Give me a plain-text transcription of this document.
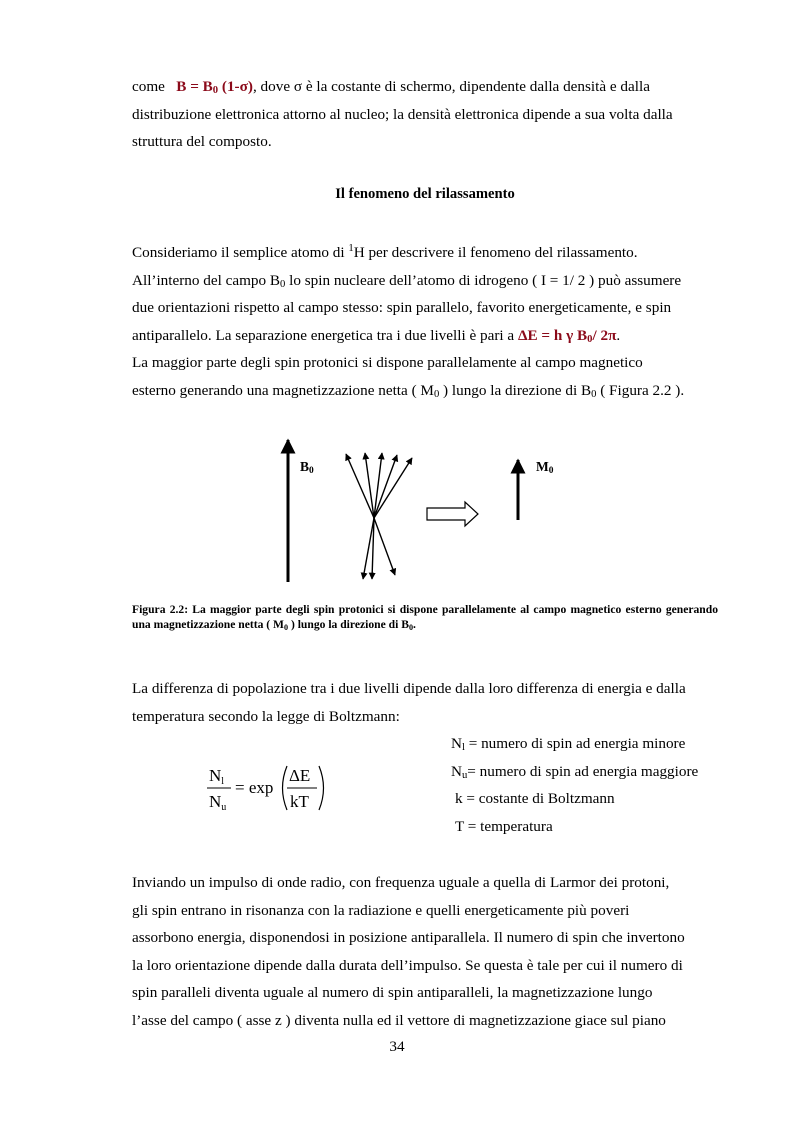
come $B = B_0$ (1-σ), dove σ è la costante di schermo, dipendente dalla densità e dalla
distribuzione elettronica attorno al nucleo; la densità elettronica dipende a sua volta dalla
struttura del composto.
Il fenomeno del rilassamento
Consideriamo il semplice atomo di $^1$H per descrivere il fenomeno del rilassamento.
All’interno del campo $B_0$ lo spin nucleare dell’atomo di idrogeno ( I = 1/ 2 ) può assumere
due orientazioni rispetto al campo stesso: spin parallelo, favorito energeticamente, e spin
antiparallelo. La separazione energetica tra i due livelli è pari a ΔE = h γ $B_0/$ 2π.
La maggior parte degli spin protonici si dispone parallelamente al campo magnetico
esterno generando una magnetizzazione netta ( $M_0$ ) lungo la direzione di $B_0$ ( Figura 2.2 ).
$B_0$	$M_0$
Figura 2.2: La maggior parte degli spin protonici si dispone parallelamente al campo magnetico esterno generando una magnetizzazione netta ( $M_0$ ) lungo la direzione di $B_0$.
La differenza di popolazione tra i due livelli dipende dalla loro differenza di energia e dalla
temperatura secondo la legge di Boltzmann:
Nl
Nu
= exp
ΔE
kT
$N_l$ = numero di spin ad energia minore
$N_u=$ numero di spin ad energia maggiore
k = costante di Boltzmann
T = temperatura
Inviando un impulso di onde radio, con frequenza uguale a quella di Larmor dei protoni,
gli spin entrano in risonanza con la radiazione e quelli energeticamente più poveri
assorbono energia, disponendosi in posizione antiparallela. Il numero di spin che invertono
la loro orientazione dipende dalla durata dell’impulso. Se questa è tale per cui il numero di
spin paralleli diventa uguale al numero di spin antiparalleli, la magnetizzazione lungo
l’asse del campo ( asse z ) diventa nulla ed il vettore di magnetizzazione giace sul piano
34
